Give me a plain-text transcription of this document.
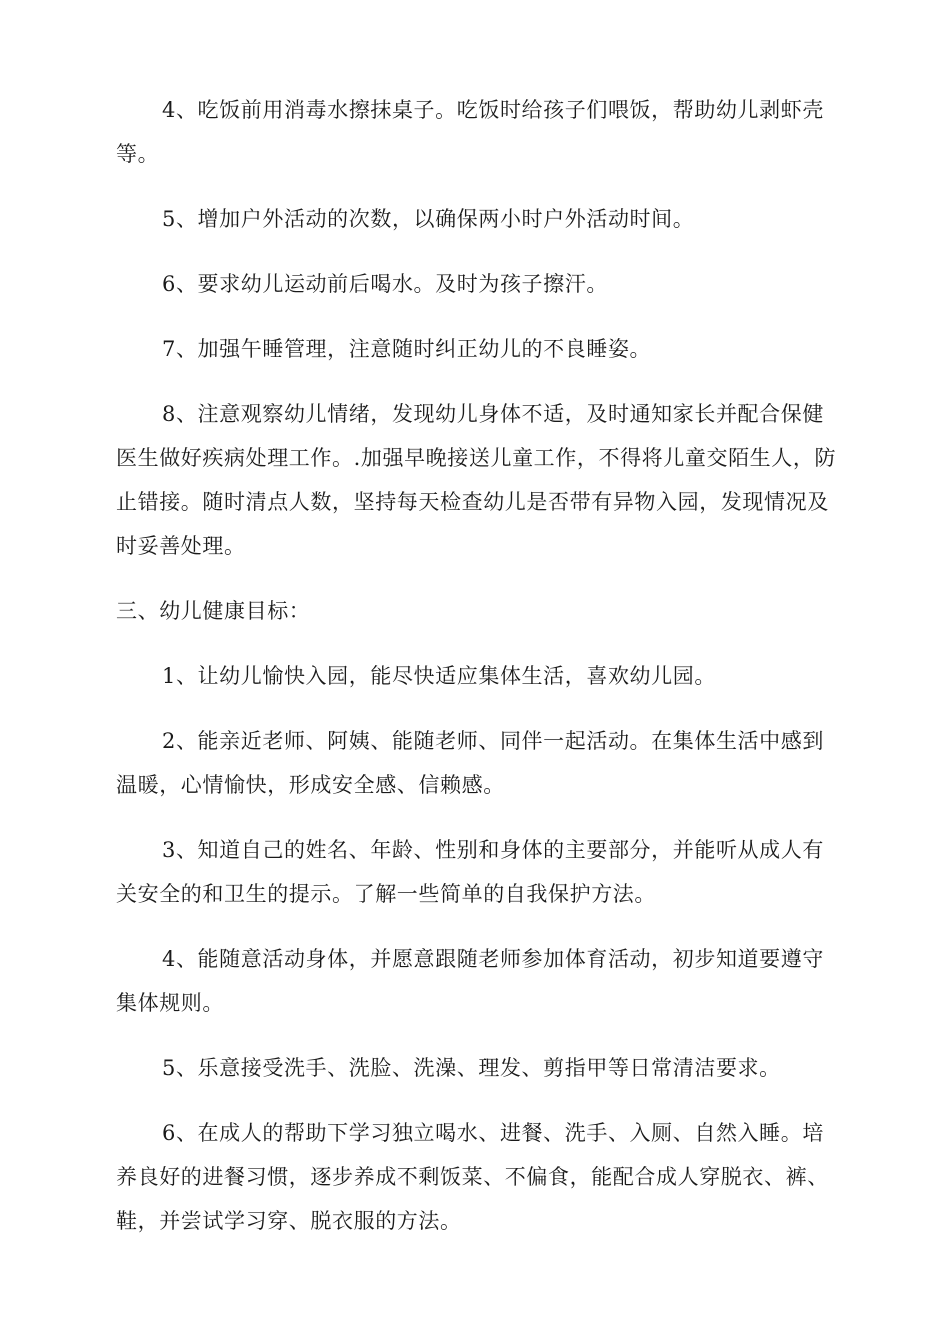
4、吃饭前用消毒水擦抹桌子。吃饭时给孩子们喂饭，帮助幼儿剥虾壳等。

5、增加户外活动的次数，以确保两小时户外活动时间。

6、要求幼儿运动前后喝水。及时为孩子擦汗。

7、加强午睡管理，注意随时纠正幼儿的不良睡姿。

8、注意观察幼儿情绪，发现幼儿身体不适，及时通知家长并配合保健医生做好疾病处理工作。.加强早晚接送儿童工作，不得将儿童交陌生人，防止错接。随时清点人数，坚持每天检查幼儿是否带有异物入园，发现情况及时妥善处理。

三、幼儿健康目标：

1、让幼儿愉快入园，能尽快适应集体生活，喜欢幼儿园。

2、能亲近老师、阿姨、能随老师、同伴一起活动。在集体生活中感到温暖，心情愉快，形成安全感、信赖感。

3、知道自己的姓名、年龄、性别和身体的主要部分，并能听从成人有关安全的和卫生的提示。了解一些简单的自我保护方法。

4、能随意活动身体，并愿意跟随老师参加体育活动，初步知道要遵守集体规则。

5、乐意接受洗手、洗脸、洗澡、理发、剪指甲等日常清洁要求。

6、在成人的帮助下学习独立喝水、进餐、洗手、入厕、自然入睡。培养良好的进餐习惯，逐步养成不剩饭菜、不偏食，能配合成人穿脱衣、裤、鞋，并尝试学习穿、脱衣服的方法。
